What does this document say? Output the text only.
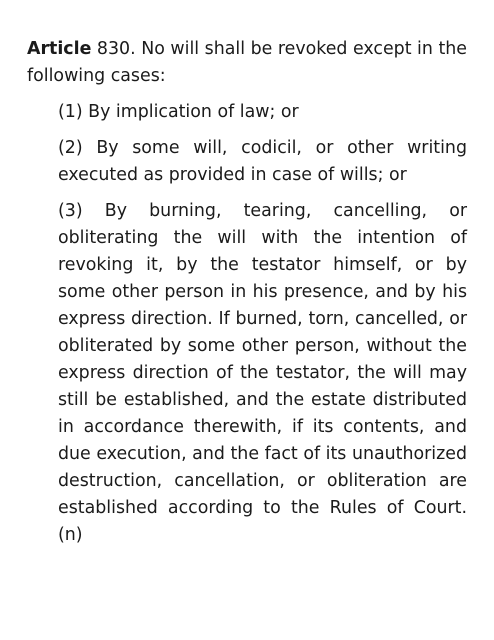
Article 830. No will shall be revoked except in the following cases:

(1) By implication of law; or
(2) By some will, codicil, or other writing executed as provided in case of wills; or
(3) By burning, tearing, cancelling, or obliterating the will with the intention of revoking it, by the testator himself, or by some other person in his presence, and by his express direction. If burned, torn, cancelled, or obliterated by some other person, without the express direction of the testator, the will may still be established, and the estate distributed in accordance therewith, if its contents, and due execution, and the fact of its unauthorized destruction, cancellation, or obliteration are established according to the Rules of Court. (n)
